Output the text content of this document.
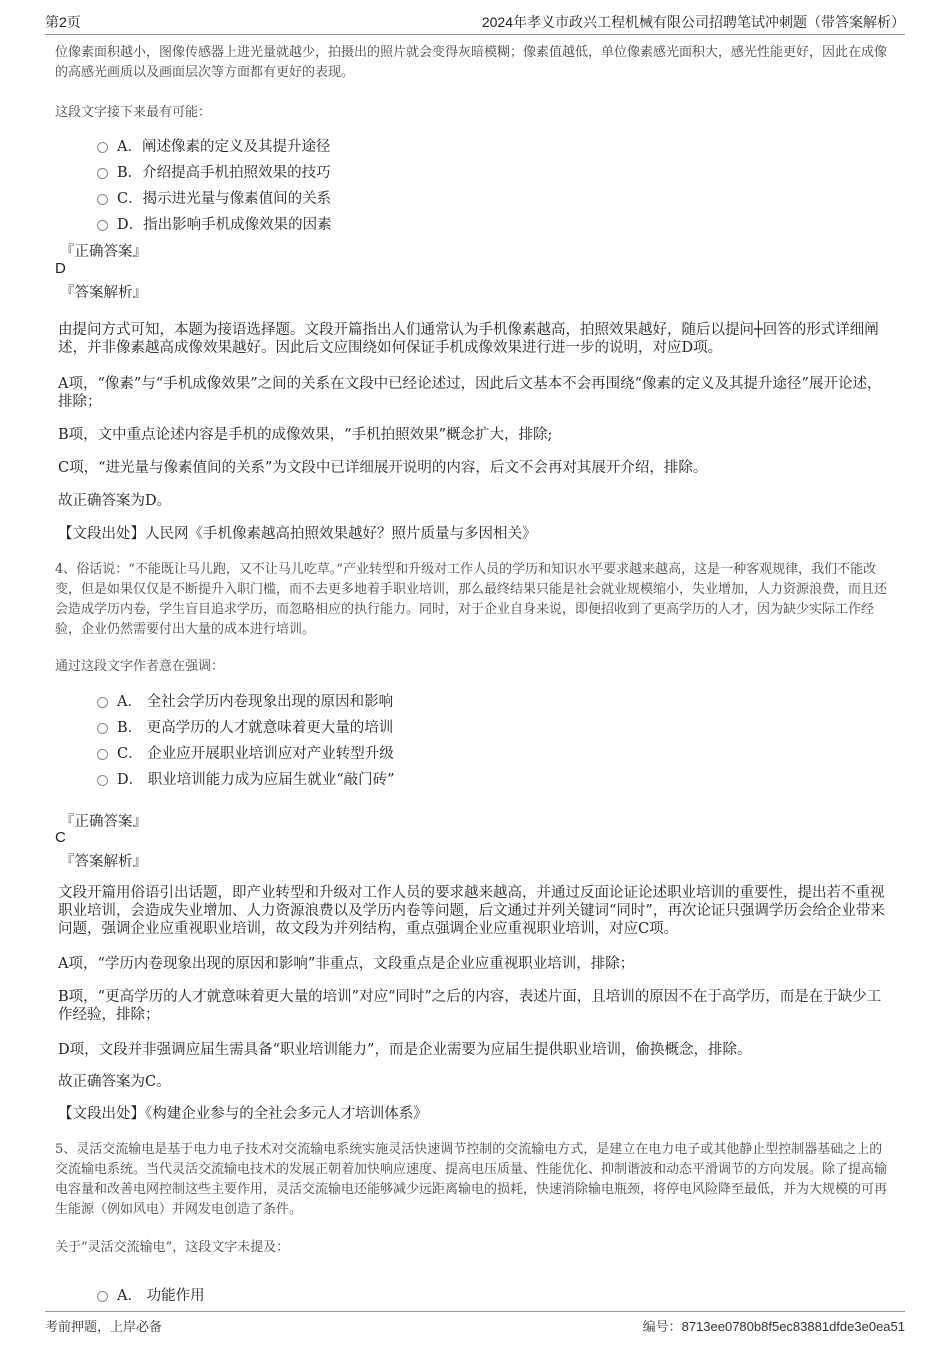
第2页	2024年孝义市政兴工程机械有限公司招聘笔试冲刺题（带答案解析）
位像素面积越小，图像传感器上进光量就越少，拍摄出的照片就会变得灰暗模糊；像素值越低，单位像素感光面积大，感光性能更好，因此在成像的高感光画质以及画面层次等方面都有更好的表现。
这段文字接下来最有可能：
A．阐述像素的定义及其提升途径
B．介绍提高手机拍照效果的技巧
C．揭示进光量与像素值间的关系
D．指出影响手机成像效果的因素
『正确答案』
D
『答案解析』
由提问方式可知，本题为接语选择题。文段开篇指出人们通常认为手机像素越高，拍照效果越好，随后以提问┼回答的形式详细阐述，并非像素越高成像效果越好。因此后文应围绕如何保证手机成像效果进行进一步的说明，对应D项。
A项，“像素”与“手机成像效果”之间的关系在文段中已经论述过，因此后文基本不会再围绕“像素的定义及其提升途径”展开论述，排除；
B项，文中重点论述内容是手机的成像效果，“手机拍照效果”概念扩大，排除;
C项，“进光量与像素值间的关系”为文段中已详细展开说明的内容，后文不会再对其展开介绍，排除。
故正确答案为D。
【文段出处】人民网《手机像素越高拍照效果越好？照片质量与多因相关》
4、俗话说：“不能既让马儿跑，又不让马儿吃草。”产业转型和升级对工作人员的学历和知识水平要求越来越高，这是一种客观规律，我们不能改变，但是如果仅仅是不断提升入职门槛，而不去更多地着手职业培训，那么最终结果只能是社会就业规模缩小，失业增加，人力资源浪费，而且还会造成学历内卷，学生盲目追求学历，而忽略相应的执行能力。同时，对于企业自身来说，即便招收到了更高学历的人才，因为缺少实际工作经验，企业仍然需要付出大量的成本进行培训。
通过这段文字作者意在强调：
A． 全社会学历内卷现象出现的原因和影响
B． 更高学历的人才就意味着更大量的培训
C． 企业应开展职业培训应对产业转型升级
D． 职业培训能力成为应届生就业“敲门砖”
『正确答案』
C
『答案解析』
文段开篇用俗语引出话题，即产业转型和升级对工作人员的要求越来越高，并通过反面论证论述职业培训的重要性，提出若不重视职业培训，会造成失业增加、人力资源浪费以及学历内卷等问题，后文通过并列关键词“同时”，再次论证只强调学历会给企业带来问题，强调企业应重视职业培训，故文段为并列结构，重点强调企业应重视职业培训，对应C项。
A项，“学历内卷现象出现的原因和影响”非重点，文段重点是企业应重视职业培训，排除；
B项，“更高学历的人才就意味着更大量的培训”对应“同时”之后的内容，表述片面，且培训的原因不在于高学历，而是在于缺少工作经验，排除；
D项，文段并非强调应届生需具备“职业培训能力”，而是企业需要为应届生提供职业培训，偷换概念，排除。
故正确答案为C。
【文段出处】《构建企业参与的全社会多元人才培训体系》
5、灵活交流输电是基于电力电子技术对交流输电系统实施灵活快速调节控制的交流输电方式，是建立在电力电子或其他静止型控制器基础之上的交流输电系统。当代灵活交流输电技术的发展正朝着加快响应速度、提高电压质量、性能优化、抑制谐波和动态平滑调节的方向发展。除了提高输电容量和改善电网控制这些主要作用，灵活交流输电还能够减少远距离输电的损耗，快速消除输电瓶颈，将停电风险降至最低，并为大规模的可再生能源（例如风电）并网发电创造了条件。
关于“灵活交流输电”，这段文字未提及：
A． 功能作用
考前押题，上岸必备	编号：8713ee0780b8f5ec83881dfde3e0ea51
